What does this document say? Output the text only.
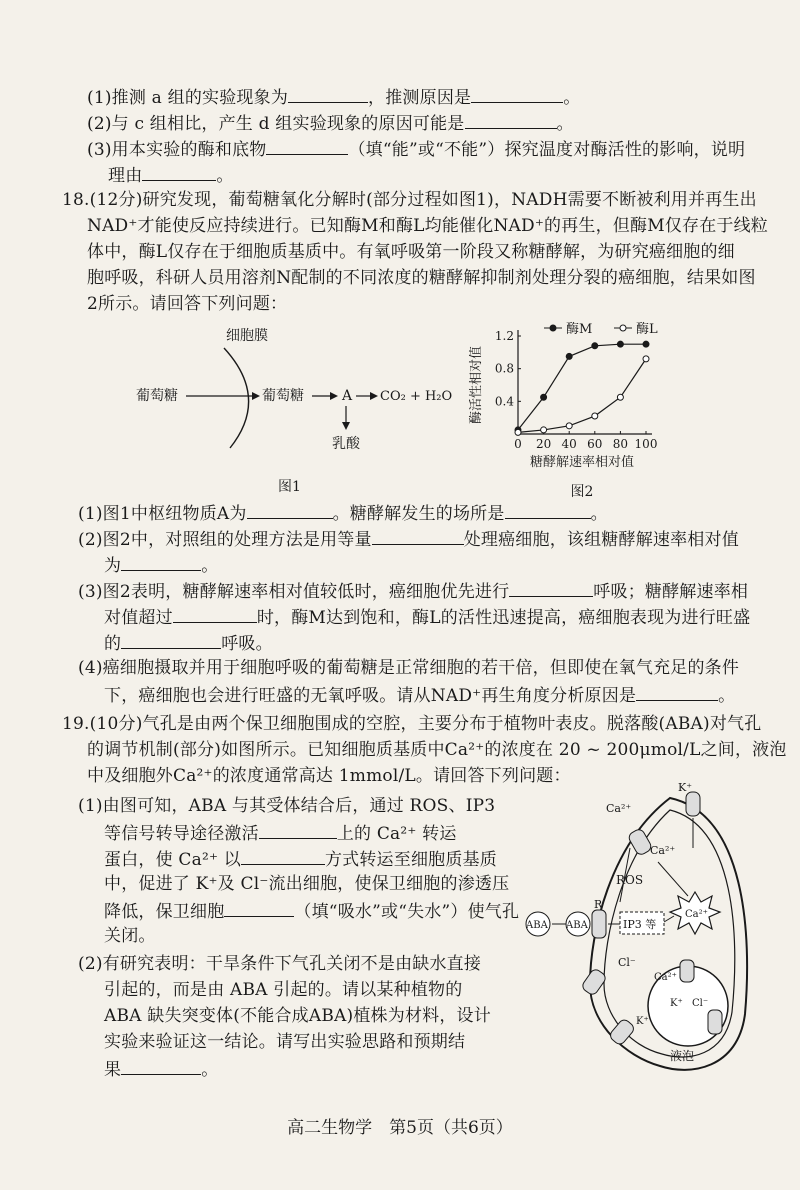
(1)推测 a 组的实验现象为	，推测原因是	。
(2)与 c 组相比，产生 d 组实验现象的原因可能是	。
(3)用本实验的酶和底物	（填“能”或“不能”）探究温度对酶活性的影响，说明
理由	。
18.(12分)研究发现，葡萄糖氧化分解时(部分过程如图1)，NADH需要不断被利用并再生出
NAD⁺才能使反应持续进行。已知酶M和酶L均能催化NAD⁺的再生，但酶M仅存在于线粒
体中，酶L仅存在于细胞质基质中。有氧呼吸第一阶段又称糖酵解，为研究癌细胞的细
胞呼吸，科研人员用溶剂N配制的不同浓度的糖酵解抑制剂处理分裂的癌细胞，结果如图
2所示。请回答下列问题：
细胞膜
葡萄糖	葡萄糖	A CO₂ + H₂O
乳酸
图1
0 20 40 60 80 100
0.4
0.8
1.2
糖酵解速率相对值
酶活性相对值
酶M	酶L
图2
(1)图1中枢纽物质A为	。糖酵解发生的场所是	。
(2)图2中，对照组的处理方法是用等量	处理癌细胞，该组糖酵解速率相对值
为	。
(3)图2表明，糖酵解速率相对值较低时，癌细胞优先进行	呼吸；糖酵解速率相
对值超过	时，酶M达到饱和，酶L的活性迅速提高，癌细胞表现为进行旺盛
的	呼吸。
(4)癌细胞摄取并用于细胞呼吸的葡萄糖是正常细胞的若干倍，但即使在氧气充足的条件
下，癌细胞也会进行旺盛的无氧呼吸。请从NAD⁺再生角度分析原因是	。
19.(10分)气孔是由两个保卫细胞围成的空腔，主要分布于植物叶表皮。脱落酸(ABA)对气孔
的调节机制(部分)如图所示。已知细胞质基质中Ca²⁺的浓度在 20 ~ 200μmol/L之间，液泡
中及细胞外Ca²⁺的浓度通常高达 1mmol/L。请回答下列问题：
(1)由图可知，ABA 与其受体结合后，通过 ROS、IP3
等信号转导途径激活	上的 Ca²⁺ 转运
蛋白，使 Ca²⁺ 以	方式转运至细胞质基质
中，促进了 K⁺及 Cl⁻流出细胞，使保卫细胞的渗透压
降低，保卫细胞	（填“吸水”或“失水”）使气孔
关闭。
(2)有研究表明：干旱条件下气孔关闭不是由缺水直接
引起的，而是由 ABA 引起的。请以某种植物的
ABA 缺失突变体(不能合成ABA)植株为材料，设计
实验来验证这一结论。请写出实验思路和预期结
果	。
K⁺
Ca²⁺
Ca²⁺
ROS
Ca²⁺
ABA ABA
R
IP3 等
Cl⁻
Ca²⁺
K⁺ Cl⁻
液泡
K⁺
高二生物学　第5页（共6页）
